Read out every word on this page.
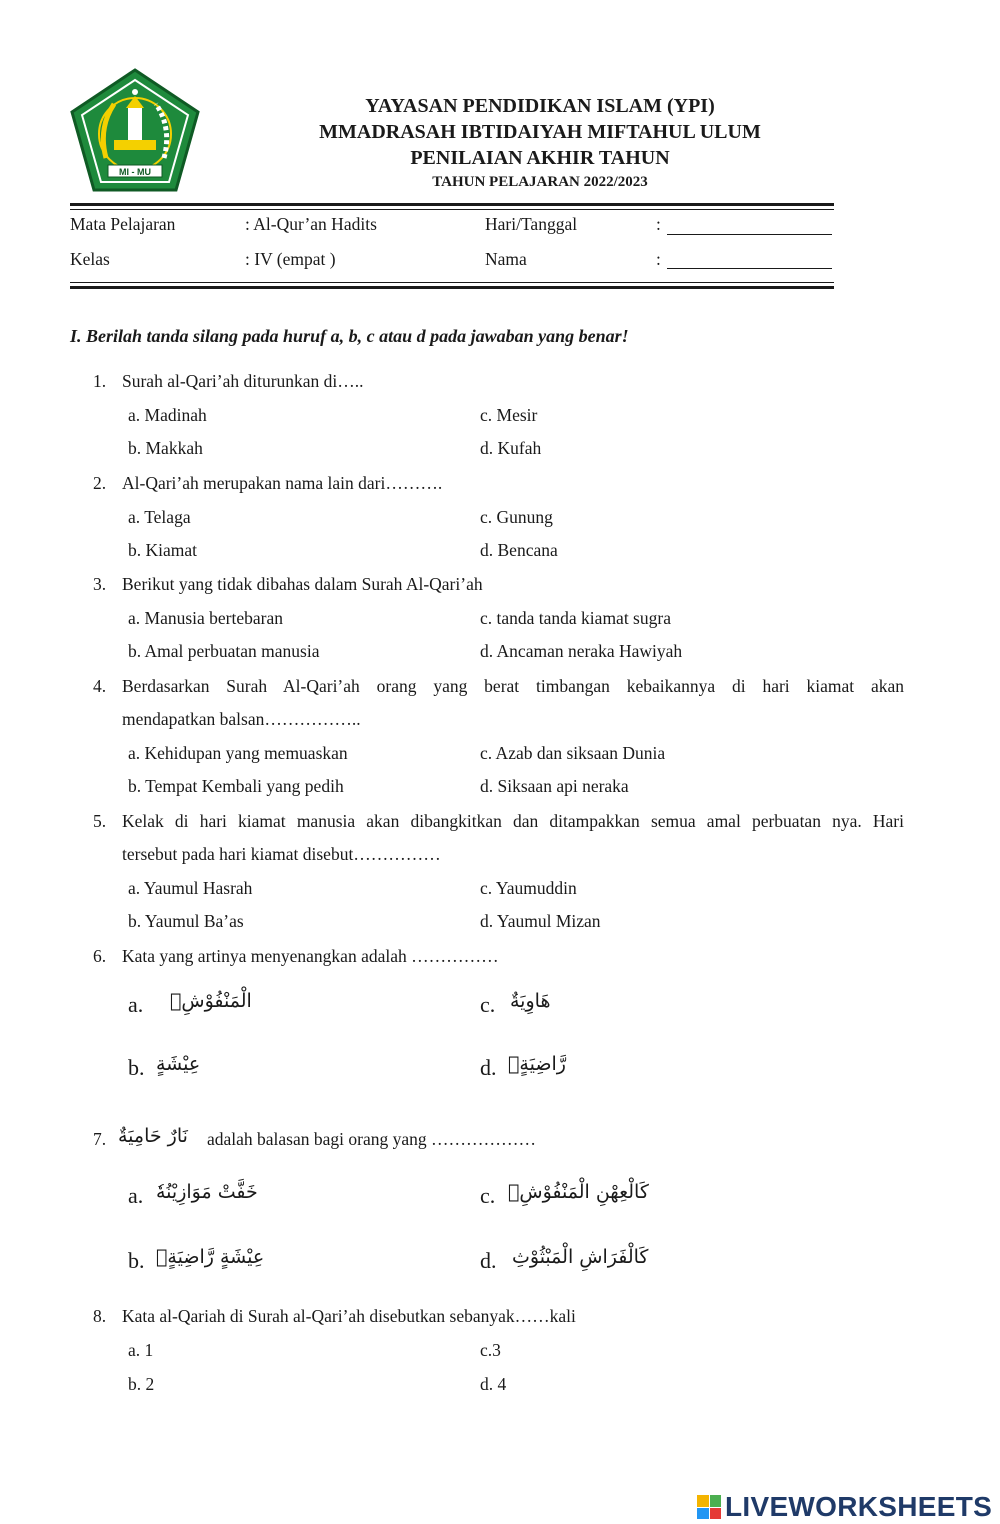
MI - MU
YAYASAN PENDIDIKAN ISLAM (YPI)
MMADRASAH IBTIDAIYAH MIFTAHUL ULUM
PENILAIAN AKHIR TAHUN
TAHUN PELAJARAN 2022/2023
Mata Pelajaran	: Al-Qur’an Hadits	Hari/Tanggal	:
Kelas	: IV (empat )	Nama	:
I. Berilah tanda silang pada huruf a, b, c atau d pada jawaban yang benar!
1. Surah al-Qari’ah diturunkan di…..
a. Madinah	c. Mesir
b. Makkah	d. Kufah
2. Al-Qari’ah merupakan nama lain dari……….
a. Telaga	c. Gunung
b. Kiamat	d. Bencana
3. Berikut yang tidak dibahas dalam Surah Al-Qari’ah
a. Manusia bertebaran	c. tanda tanda kiamat sugra
b. Amal perbuatan manusia	d. Ancaman neraka Hawiyah
4. Berdasarkan Surah Al-Qari’ah orang yang berat timbangan kebaikannya di hari kiamat akan
mendapatkan balsan……………..
a. Kehidupan yang memuaskan	c. Azab dan siksaan Dunia
b. Tempat Kembali yang pedih	d. Siksaan api neraka
5. Kelak di hari kiamat manusia akan dibangkitkan dan ditampakkan semua amal perbuatan nya. Hari
tersebut pada hari kiamat disebut……………
a. Yaumul Hasrah	c. Yaumuddin
b. Yaumul Ba’as	d. Yaumul Mizan
6. Kata yang artinya menyenangkan adalah ……………
a. الْمَنْفُوْشِۗ	c. هَاوِيَةٌ
b. عِيْشَةٍ	d. رَّاضِيَةٍۗ
7. نَارٌ حَامِيَةٌ adalah balasan bagi orang yang ………………
a. خَفَّتْ مَوَازِيْنُهٗ	c. كَالْعِهْنِ الْمَنْفُوْشِۗ
b. عِيْشَةٍ رَّاضِيَةٍۗ	d. كَالْفَرَاشِ الْمَبْثُوْثِ
8. Kata al-Qariah di Surah al-Qari’ah disebutkan sebanyak……kali
a. 1	c.3
b. 2	d. 4
LIVEWORKSHEETS
